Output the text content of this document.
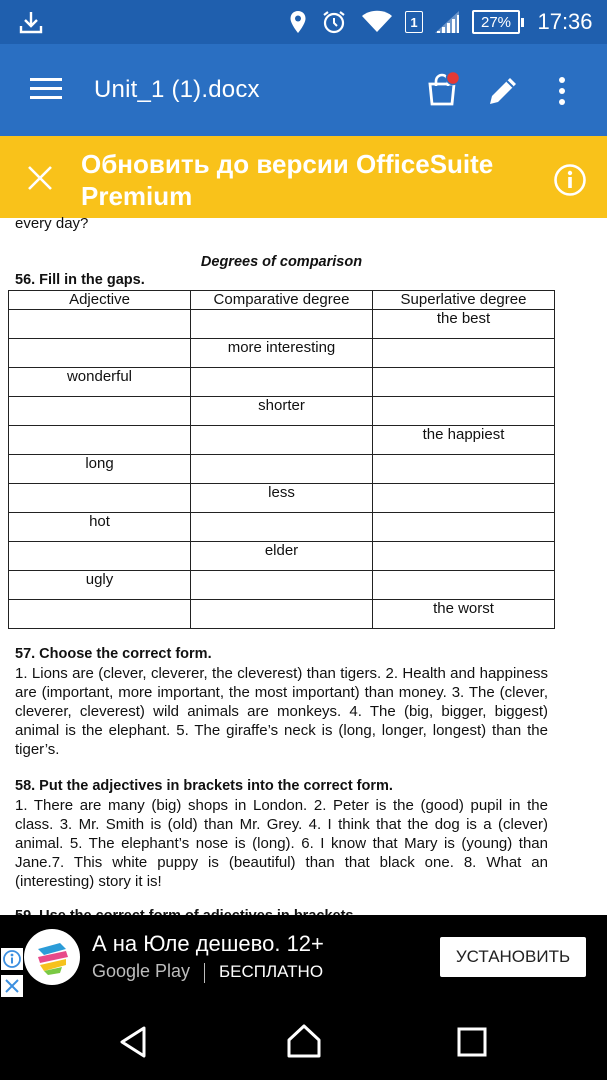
1	27%	17:36
Unit_1 (1).docx
Обновить до версии OfficeSuite Premium

every day?

Degrees of comparison

56. Fill in the gaps.

Adjective	Comparative degree	Superlative degree
		the best
	more interesting	
wonderful		
	shorter	
		the happiest
long		
	less	
hot		
	elder	
ugly		
		the worst

57. Choose the correct form.

1. Lions are (clever, cleverer, the cleverest) than tigers. 2. Health and happiness are (important, more important, the most important) than money. 3. The (clever, cleverer, cleverest) wild animals are monkeys. 4. The (big, bigger, biggest) animal is the elephant. 5. The giraffe’s neck is (long, longer, longest) than the tiger’s.

58. Put the adjectives in brackets into the correct form.

1. There are many (big) shops in London. 2. Peter is the (good) pupil in the class. 3. Mr. Smith is (old) than Mr. Grey. 4. I think that the dog is a (clever) animal. 5. The elephant’s nose is (long). 6. I know that Mary is (young) than Jane.7. This white puppy is (beautiful) than that black one. 8. What an (interesting) story it is!

А на Юле дешево. 12+
Google Play БЕСПЛАТНО
УСТАНОВИТЬ
